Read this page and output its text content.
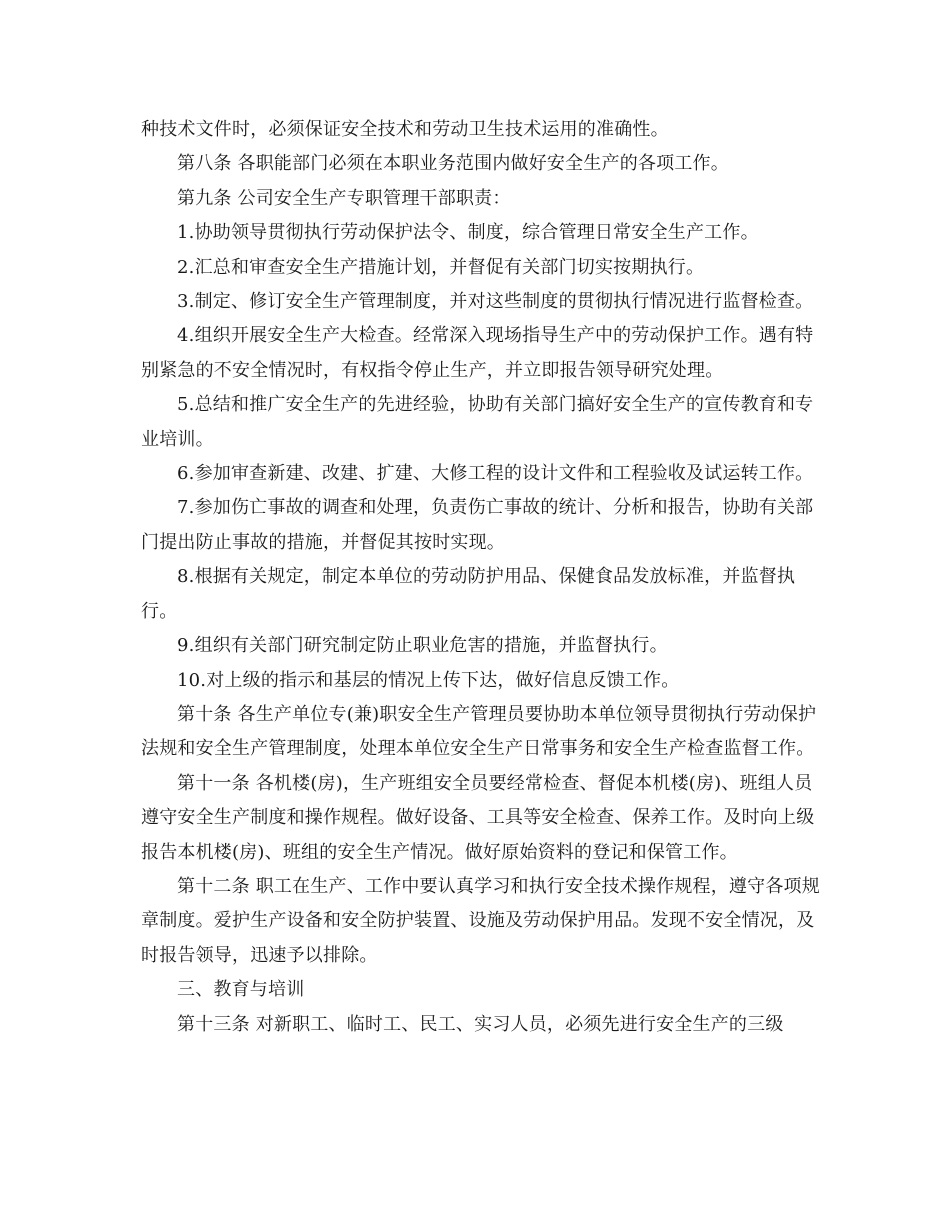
种技术文件时，必须保证安全技术和劳动卫生技术运用的准确性。

第八条 各职能部门必须在本职业务范围内做好安全生产的各项工作。

第九条 公司安全生产专职管理干部职责：

1.协助领导贯彻执行劳动保护法令、制度，综合管理日常安全生产工作。

2.汇总和审查安全生产措施计划，并督促有关部门切实按期执行。

3.制定、修订安全生产管理制度，并对这些制度的贯彻执行情况进行监督检查。

4.组织开展安全生产大检查。经常深入现场指导生产中的劳动保护工作。遇有特别紧急的不安全情况时，有权指令停止生产，并立即报告领导研究处理。

5.总结和推广安全生产的先进经验，协助有关部门搞好安全生产的宣传教育和专业培训。

6.参加审查新建、改建、扩建、大修工程的设计文件和工程验收及试运转工作。

7.参加伤亡事故的调查和处理，负责伤亡事故的统计、分析和报告，协助有关部门提出防止事故的措施，并督促其按时实现。

8.根据有关规定，制定本单位的劳动防护用品、保健食品发放标准，并监督执行。

9.组织有关部门研究制定防止职业危害的措施，并监督执行。

10.对上级的指示和基层的情况上传下达，做好信息反馈工作。

第十条 各生产单位专(兼)职安全生产管理员要协助本单位领导贯彻执行劳动保护法规和安全生产管理制度，处理本单位安全生产日常事务和安全生产检查监督工作。

第十一条 各机楼(房)，生产班组安全员要经常检查、督促本机楼(房)、班组人员遵守安全生产制度和操作规程。做好设备、工具等安全检查、保养工作。及时向上级报告本机楼(房)、班组的安全生产情况。做好原始资料的登记和保管工作。

第十二条 职工在生产、工作中要认真学习和执行安全技术操作规程，遵守各项规章制度。爱护生产设备和安全防护装置、设施及劳动保护用品。发现不安全情况，及时报告领导，迅速予以排除。

三、教育与培训

第十三条 对新职工、临时工、民工、实习人员，必须先进行安全生产的三级
